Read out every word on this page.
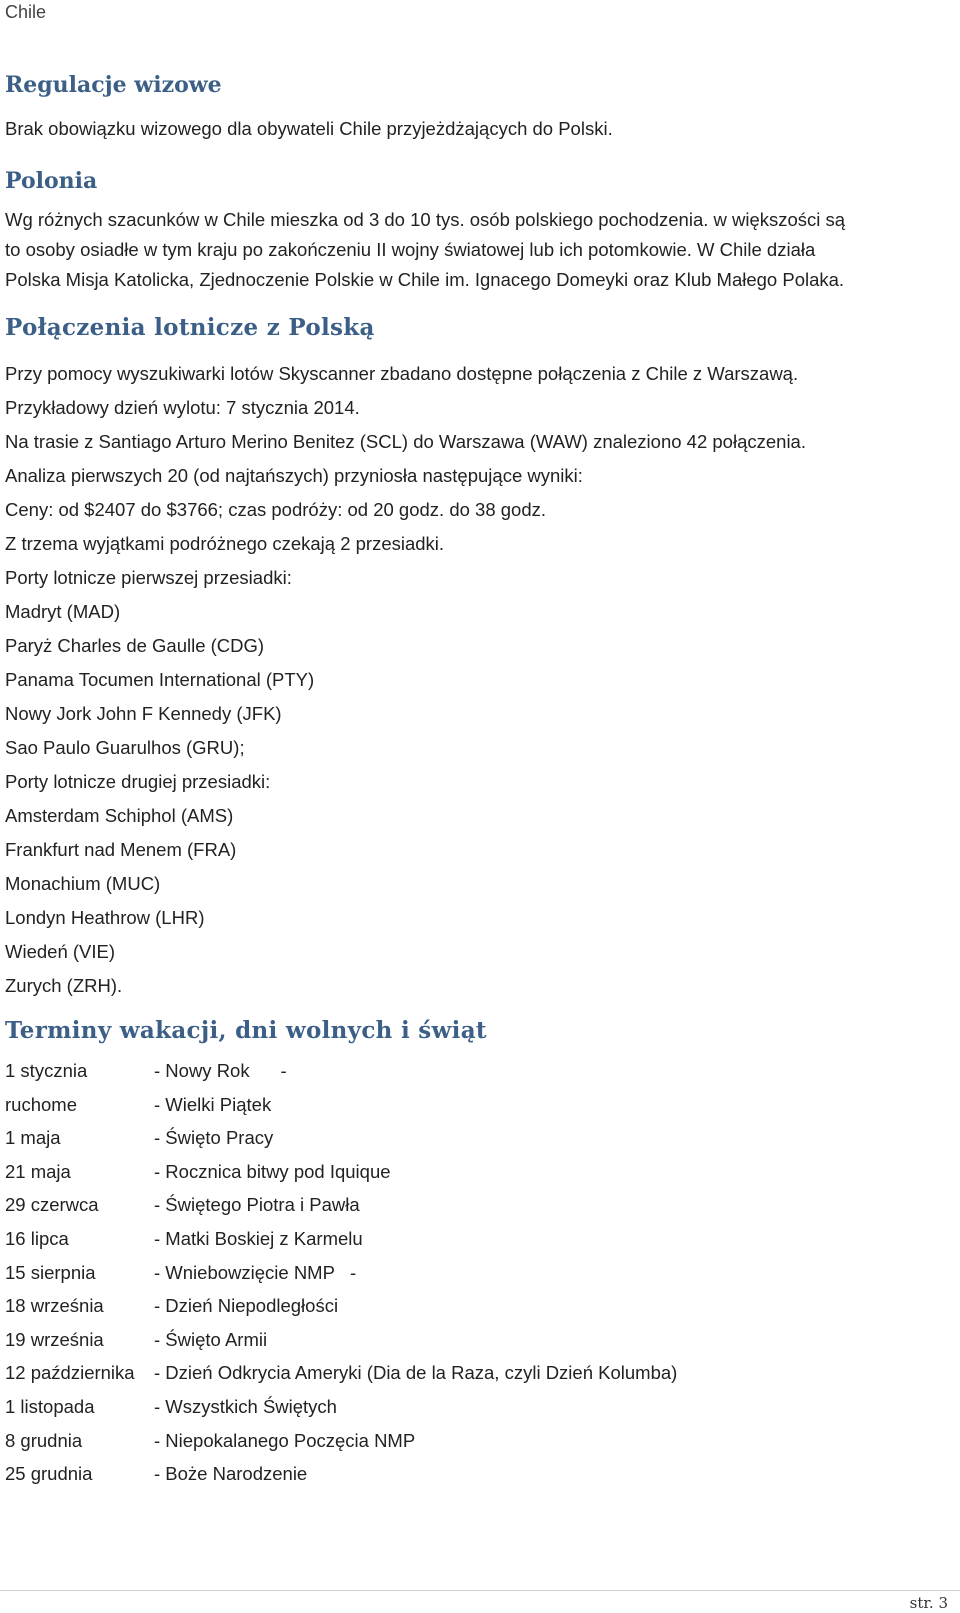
Chile
Regulacje wizowe

Brak obowiązku wizowego dla obywateli Chile przyjeżdżających do Polski.

Polonia
Wg różnych szacunków w Chile mieszka od 3 do 10 tys. osób polskiego pochodzenia. w większości są
to osoby osiadłe w tym kraju po zakończeniu II wojny światowej lub ich potomkowie. W Chile działa
Polska Misja Katolicka, Zjednoczenie Polskie w Chile im. Ignacego Domeyki oraz Klub Małego Polaka.
Połączenia lotnicze z Polską
Przy pomocy wyszukiwarki lotów Skyscanner zbadano dostępne połączenia z Chile z Warszawą.
Przykładowy dzień wylotu: 7 stycznia 2014.
Na trasie z Santiago Arturo Merino Benitez (SCL) do Warszawa (WAW) znaleziono 42 połączenia.
Analiza pierwszych 20 (od najtańszych) przyniosła następujące wyniki:
Ceny: od $2407 do $3766; czas podróży: od 20 godz. do 38 godz.
Z trzema wyjątkami podróżnego czekają 2 przesiadki.
Porty lotnicze pierwszej przesiadki:
Madryt (MAD)
Paryż Charles de Gaulle (CDG)
Panama Tocumen International (PTY)
Nowy Jork John F Kennedy (JFK)
Sao Paulo Guarulhos (GRU);
Porty lotnicze drugiej przesiadki:
Amsterdam Schiphol (AMS)
Frankfurt nad Menem (FRA)
Monachium (MUC)
Londyn Heathrow (LHR)
Wiedeń (VIE)
Zurych (ZRH).
Terminy wakacji, dni wolnych i świąt
1 stycznia	- Nowy Rok      -
ruchome	- Wielki Piątek
1 maja	- Święto Pracy
21 maja	- Rocznica bitwy pod Iquique
29 czerwca	- Świętego Piotra i Pawła
16 lipca	- Matki Boskiej z Karmelu
15 sierpnia	- Wniebowzięcie NMP   -
18 września	- Dzień Niepodległości
19 września	- Święto Armii
12 października	- Dzień Odkrycia Ameryki (Dia de la Raza, czyli Dzień Kolumba)
1 listopada	- Wszystkich Świętych
8 grudnia	- Niepokalanego Poczęcia NMP
25 grudnia	- Boże Narodzenie
str. 3
